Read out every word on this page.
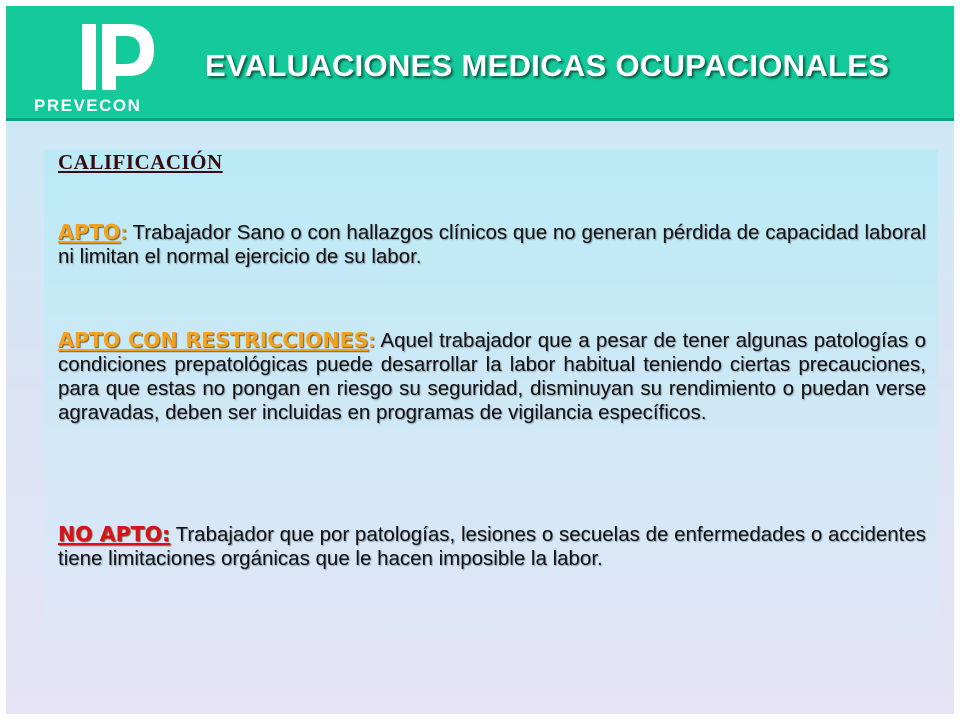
PREVECON
EVALUACIONES MEDICAS OCUPACIONALES
CALIFICACIÓN
APTO: Trabajador Sano o con hallazgos clínicos que no generan pérdida de capacidad laboral ni limitan el normal ejercicio de su labor.
APTO CON RESTRICCIONES: Aquel trabajador que a pesar de tener algunas patologías o condiciones prepatológicas puede desarrollar la labor habitual teniendo ciertas precauciones, para que estas no pongan en riesgo su seguridad, disminuyan su rendimiento o puedan verse agravadas, deben ser incluidas en programas de vigilancia específicos.
NO APTO: Trabajador que por patologías, lesiones o secuelas de enfermedades o accidentes tiene limitaciones orgánicas que le hacen imposible la labor.
